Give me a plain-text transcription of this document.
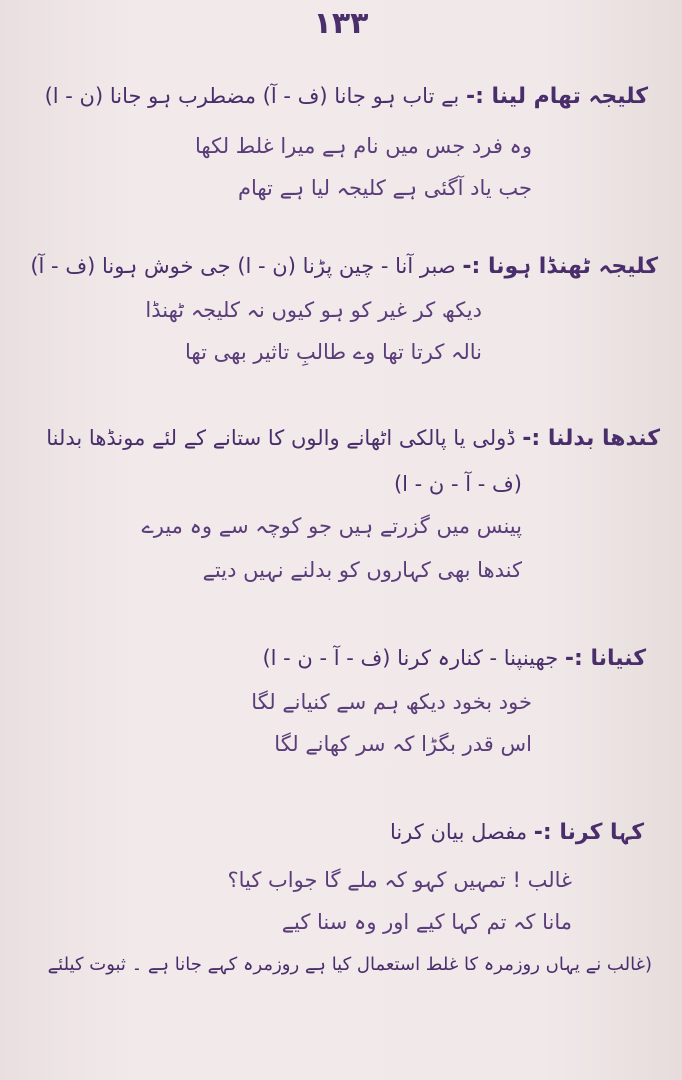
۱۳۳
کلیجہ تھام لینا :- بے تاب ہو جانا (ف - آ) مضطرب ہو جانا (ن - ا)
وہ فرد جس میں نام ہے میرا غلط لکھا
جب یاد آگئی ہے کلیجہ لیا ہے تھام
کلیجہ ٹھنڈا ہونا :- صبر آنا - چین پڑنا (ن - ا) جی خوش ہونا (ف - آ)
دیکھ کر غیر کو ہو کیوں نہ کلیجہ ٹھنڈا
نالہ کرتا تھا وے طالبِ تاثیر بھی تھا
کندھا بدلنا :- ڈولی یا پالکی اٹھانے والوں کا ستانے کے لئے مونڈھا بدلنا
(ف - آ - ن - ا)
پینس میں گزرتے ہیں جو کوچہ سے وہ میرے
کندھا بھی کہاروں کو بدلنے نہیں دیتے
کنیانا :- جھینپنا - کنارہ کرنا (ف - آ - ن - ا)
خود بخود دیکھ ہم سے کنیانے لگا
اس قدر بگڑا کہ سر کھانے لگا
کہا کرنا :- مفصل بیان کرنا
غالب ! تمہیں کہو کہ ملے گا جواب کیا؟
مانا کہ تم کہا کیے اور وہ سنا کیے
(غالب نے یہاں روزمرہ کا غلط استعمال کیا ہے روزمرہ کہے جانا ہے ۔ ثبوت کیلئے
